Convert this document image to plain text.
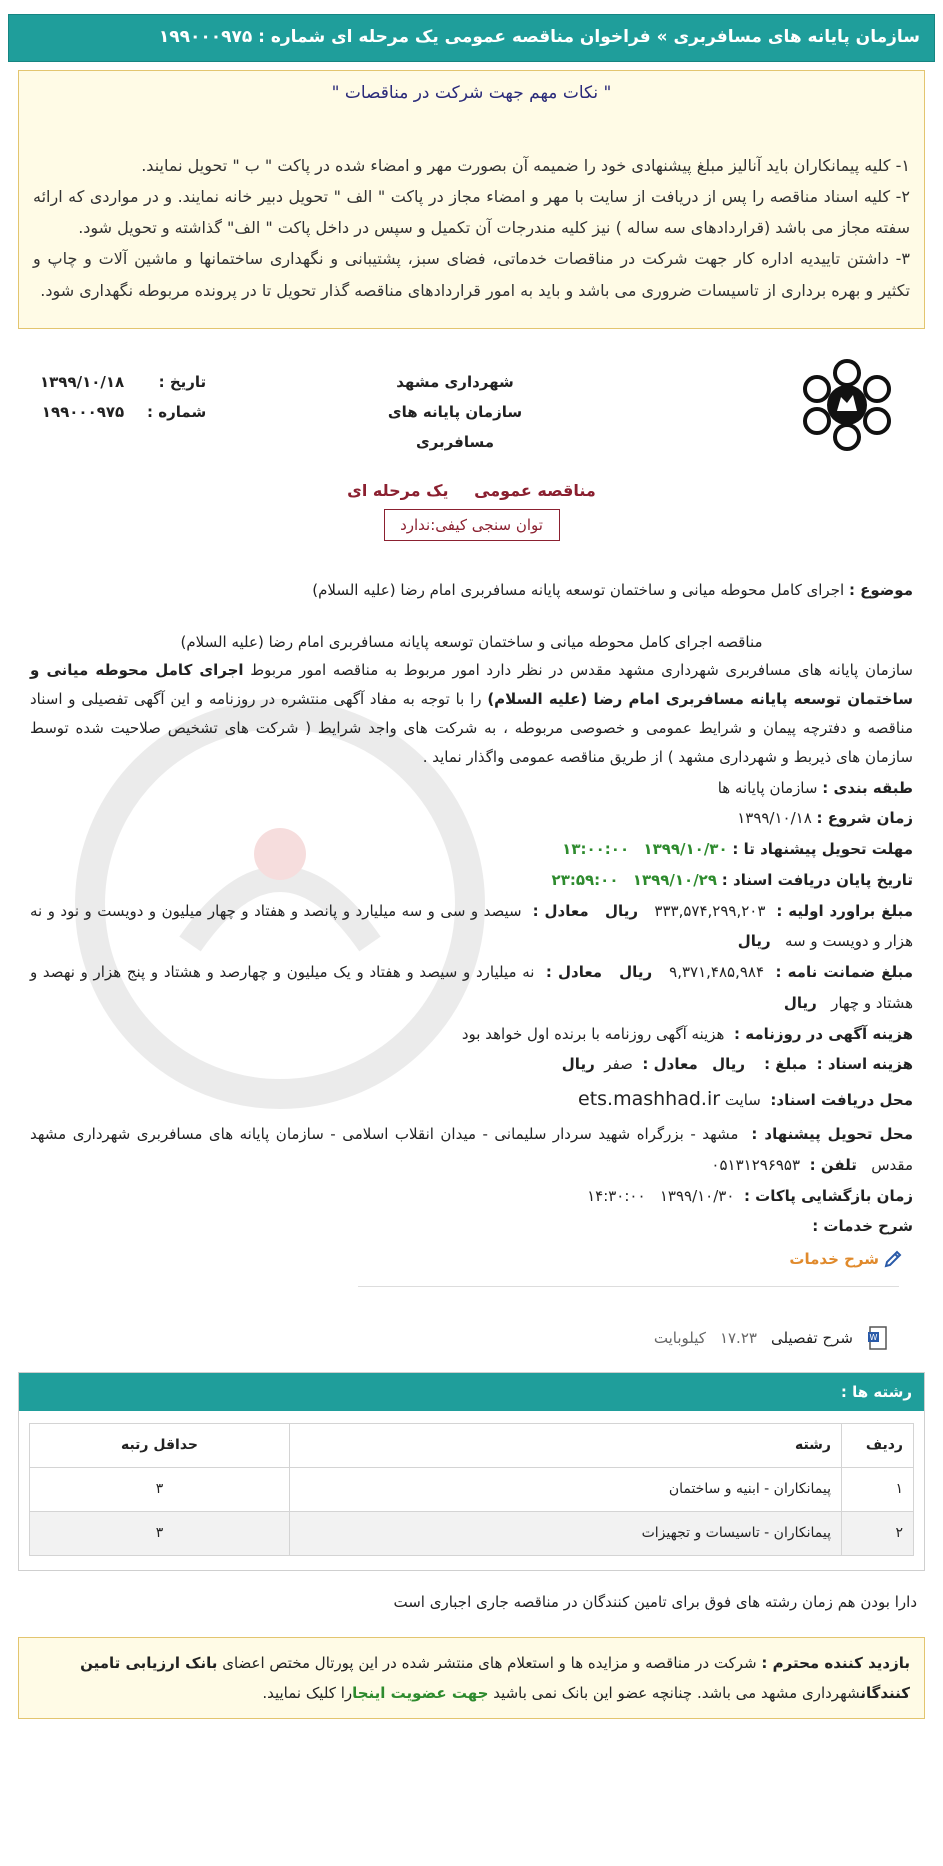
سازمان پایانه های مسافربری » فراخوان مناقصه عمومی یک مرحله ای شماره : ۱۹۹۰۰۰۹۷۵
" نکات مهم جهت شرکت در مناقصات "
۱- کلیه پیمانکاران باید آنالیز مبلغ پیشنهادی خود را ضمیمه آن بصورت مهر و امضاء شده در پاکت " ب " تحویل نمایند.
۲- کلیه اسناد مناقصه را پس از دریافت از سایت با مهر و امضاء مجاز در پاکت " الف " تحویل دبیر خانه نمایند. و در مواردی که ارائه سفته مجاز می باشد (قراردادهای سه ساله ) نیز کلیه مندرجات آن تکمیل و سپس در داخل پاکت " الف" گذاشته و تحویل شود.
۳- داشتن تاییدیه اداره کار جهت شرکت در مناقصات خدماتی، فضای سبز، پشتیبانی و نگهداری ساختمانها و ماشین آلات و چاپ و تکثیر و بهره برداری از تاسیسات ضروری می باشد و باید به امور قراردادهای مناقصه گذار تحویل تا در پرونده مربوطه نگهداری شود.
شهرداری مشهد
سازمان پایانه های مسافربری
تاریخ :
۱۳۹۹/۱۰/۱۸
شماره :
۱۹۹۰۰۰۹۷۵
مناقصه عمومی یک مرحله ای
توان سنجی کیفی:ندارد
موضوع : اجرای کامل محوطه میانی و ساختمان توسعه پایانه مسافربری امام رضا (علیه السلام)
مناقصه اجرای کامل محوطه میانی و ساختمان توسعه پایانه مسافربری امام رضا (علیه السلام)
سازمان پایانه های مسافربری شهرداری مشهد مقدس در نظر دارد امور مربوط به مناقصه امور مربوط اجرای کامل محوطه میانی و ساختمان توسعه پایانه مسافربری امام رضا (علیه السلام) را با توجه به مفاد آگهی منتشره در روزنامه و این آگهی تفصیلی و اسناد مناقصه و دفترچه پیمان و شرایط عمومی و خصوصی مربوطه ، به شرکت های واجد شرایط ( شرکت های تشخیص صلاحیت شده توسط سازمان های ذیربط و شهرداری مشهد ) از طریق مناقصه عمومی واگذار نماید .
طبقه بندی : سازمان پایانه ها
زمان شروع : ۱۳۹۹/۱۰/۱۸
مهلت تحویل پیشنهاد تا : ۱۳۹۹/۱۰/۳۰   ۱۳:۰۰:۰۰
تاریخ پایان دریافت اسناد : ۱۳۹۹/۱۰/۲۹   ۲۳:۵۹:۰۰
مبلغ براورد اولیه :  ۳۳۳,۵۷۴,۲۹۹,۲۰۳   ریال   معادل :  سیصد و سی و سه میلیارد و پانصد و هفتاد و چهار میلیون و دویست و نود و نه هزار و دویست و سه   ریال
مبلغ ضمانت نامه :  ۹,۳۷۱,۴۸۵,۹۸۴   ریال   معادل :  نه میلیارد و سیصد و هفتاد و یک میلیون و چهارصد و هشتاد و پنج هزار و نهصد و هشتاد و چهار   ریال
هزینه آگهی در روزنامه :  هزینه آگهی روزنامه با برنده اول خواهد بود
هزینه اسناد :  مبلغ :    ریال   معادل :  صفر  ریال
محل دریافت اسناد:  سایت ets.mashhad.ir
محل تحویل پیشنهاد :  مشهد - بزرگراه شهید سردار سلیمانی - میدان انقلاب اسلامی - سازمان پایانه های مسافربری شهرداری مشهد مقدس   تلفن :  ۰۵۱۳۱۲۹۶۹۵۳
زمان بازگشایی پاکات :  ۱۳۹۹/۱۰/۳۰   ۱۴:۳۰:۰۰
شرح خدمات :
شرح خدمات
W
شرح تفصیلی
۱۷.۲۳
کیلوبایت
رشته ها :
ردیف	رشته	حداقل رتبه
۱	پیمانکاران - ابنیه و ساختمان	۳
۲	پیمانکاران - تاسیسات و تجهیزات	۳
دارا بودن هم زمان رشته های فوق برای تامین کنندگان در مناقصه جاری اجباری است
بازدید کننده محترم : شرکت در مناقصه و مزایده ها و استعلام های منتشر شده در این پورتال مختص اعضای بانک ارزیابی تامین کنندگانشهرداری مشهد می باشد. چنانچه عضو این بانک نمی باشید جهت عضویت اینجارا کلیک نمایید.
